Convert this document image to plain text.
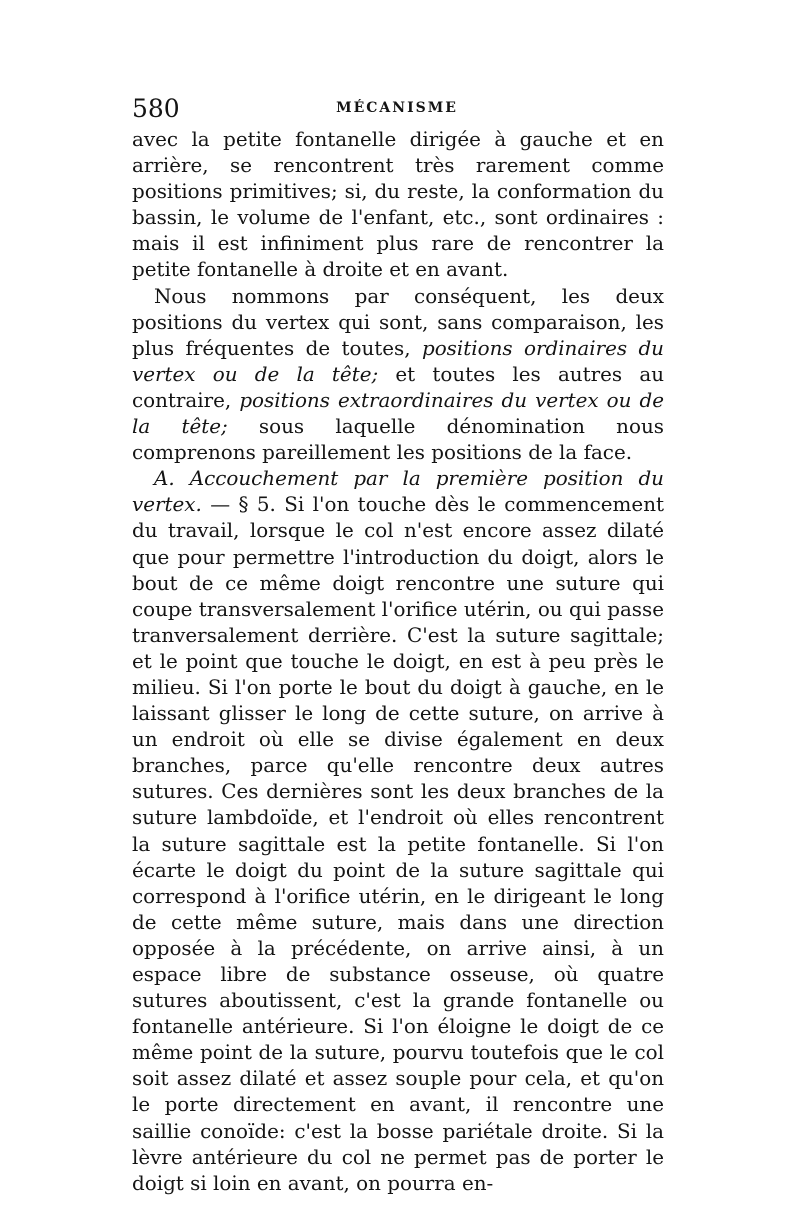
580	MÉCANISME

avec la petite fontanelle dirigée à gauche et en arrière, se rencontrent très rarement comme positions primitives; si, du reste, la conformation du bassin, le volume de l'enfant, etc., sont ordinaires : mais il est infiniment plus rare de rencontrer la petite fontanelle à droite et en avant.

Nous nommons par conséquent, les deux positions du vertex qui sont, sans comparaison, les plus fréquentes de toutes, positions ordinaires du vertex ou de la tête; et toutes les autres au contraire, positions extraordinaires du vertex ou de la tête; sous laquelle dénomination nous comprenons pareillement les positions de la face.

A. Accouchement par la première position du vertex. — § 5. Si l'on touche dès le commencement du travail, lorsque le col n'est encore assez dilaté que pour permettre l'introduction du doigt, alors le bout de ce même doigt rencontre une suture qui coupe transversalement l'orifice utérin, ou qui passe tranversalement derrière. C'est la suture sagittale; et le point que touche le doigt, en est à peu près le milieu. Si l'on porte le bout du doigt à gauche, en le laissant glisser le long de cette suture, on arrive à un endroit où elle se divise également en deux branches, parce qu'elle rencontre deux autres sutures. Ces dernières sont les deux branches de la suture lambdoïde, et l'endroit où elles rencontrent la suture sagittale est la petite fontanelle. Si l'on écarte le doigt du point de la suture sagittale qui correspond à l'orifice utérin, en le dirigeant le long de cette même suture, mais dans une direction opposée à la précédente, on arrive ainsi, à un espace libre de substance osseuse, où quatre sutures aboutissent, c'est la grande fontanelle ou fontanelle antérieure. Si l'on éloigne le doigt de ce même point de la suture, pourvu toutefois que le col soit assez dilaté et assez souple pour cela, et qu'on le porte directement en avant, il rencontre une saillie conoïde: c'est la bosse pariétale droite. Si la lèvre antérieure du col ne permet pas de porter le doigt si loin en avant, on pourra en-
